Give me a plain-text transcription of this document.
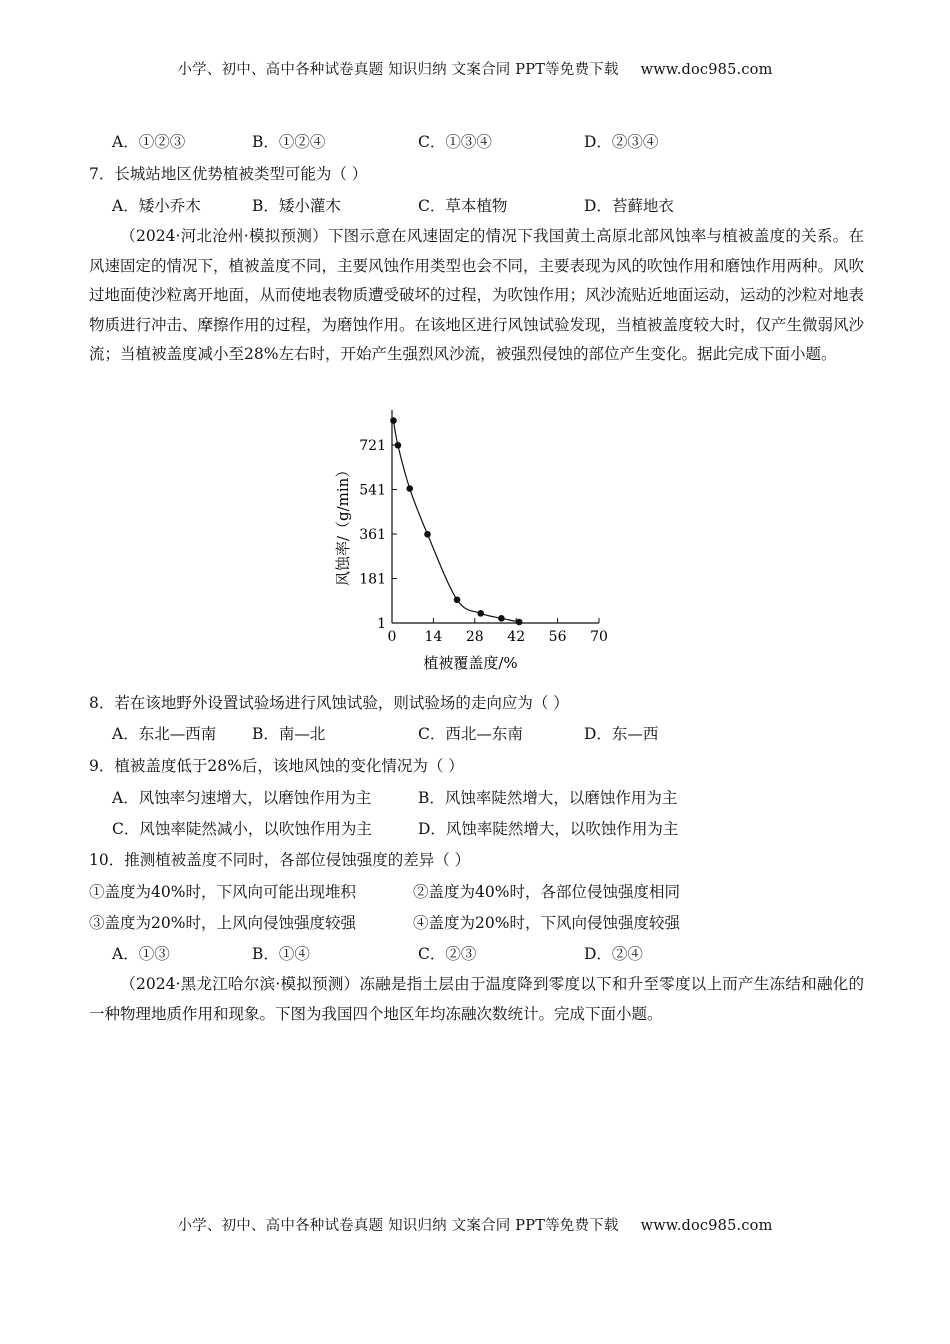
小学、初中、高中各种试卷真题 知识归纳 文案合同 PPT等免费下载 www.doc985.com
A．①②③	B．①②④	C．①③④	D．②③④
7．长城站地区优势植被类型可能为（ ）
A．矮小乔木	B．矮小灌木	C．草本植物	D．苔藓地衣
（2024·河北沧州·模拟预测）下图示意在风速固定的情况下我国黄土高原北部风蚀率与植被盖度的关系。在风速固定的情况下，植被盖度不同，主要风蚀作用类型也会不同，主要表现为风的吹蚀作用和磨蚀作用两种。风吹过地面使沙粒离开地面，从而使地表物质遭受破坏的过程，为吹蚀作用；风沙流贴近地面运动，运动的沙粒对地表物质进行冲击、摩擦作用的过程，为磨蚀作用。在该地区进行风蚀试验发现，当植被盖度较大时，仅产生微弱风沙流；当植被盖度减小至28%左右时，开始产生强烈风沙流，被强烈侵蚀的部位产生变化。据此完成下面小题。
0 14 28 42 56 70
1
181
361
541
721
植被覆盖度/%
风蚀率/（g/min）
8．若在该地野外设置试验场进行风蚀试验，则试验场的走向应为（ ）
A．东北—西南 B．南—北	C．西北—东南	D．东—西
9．植被盖度低于28%后，该地风蚀的变化情况为（ ）
A．风蚀率匀速增大，以磨蚀作用为主	B．风蚀率陡然增大，以磨蚀作用为主
C．风蚀率陡然减小，以吹蚀作用为主	D．风蚀率陡然增大，以吹蚀作用为主
10．推测植被盖度不同时，各部位侵蚀强度的差异（ ）
①盖度为40%时，下风向可能出现堆积	②盖度为40%时，各部位侵蚀强度相同
③盖度为20%时，上风向侵蚀强度较强	④盖度为20%时，下风向侵蚀强度较强
A．①③	B．①④	C．②③	D．②④
（2024·黑龙江哈尔滨·模拟预测）冻融是指土层由于温度降到零度以下和升至零度以上而产生冻结和融化的一种物理地质作用和现象。下图为我国四个地区年均冻融次数统计。完成下面小题。
小学、初中、高中各种试卷真题 知识归纳 文案合同 PPT等免费下载 www.doc985.com
